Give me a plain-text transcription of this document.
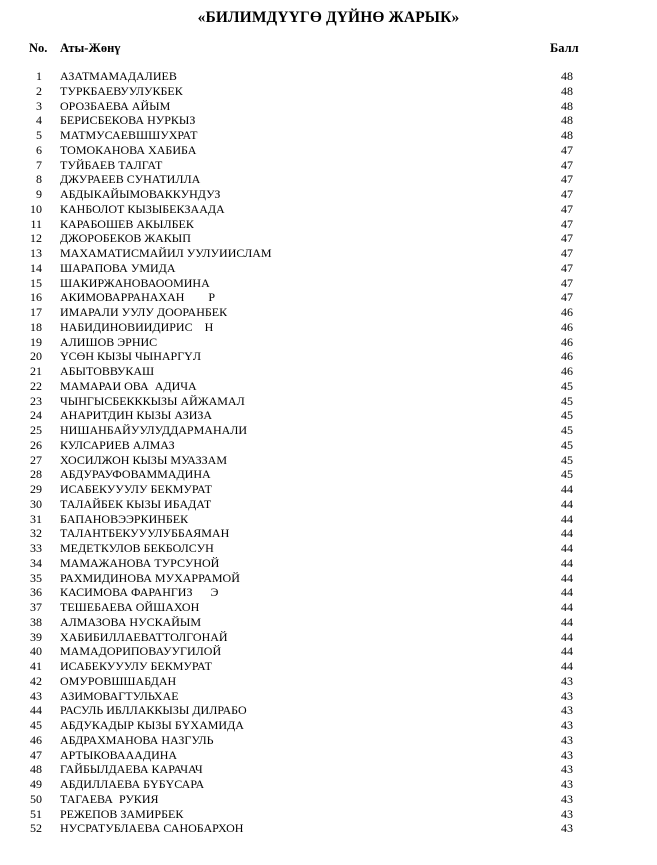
«БИЛИМДҮҮГӨ ДҮЙНӨ ЖАРЫК»
No. Аты-Жөнү	Балл
1 АЗАТМАМАДАЛИЕВ	48
2 ТУРКБАЕВУУЛУКБЕК	48
3 ОРОЗБАЕВА АЙЫМ	48
4 БЕРИСБЕКОВА НУРКЫЗ	48
5 МАТМУСАЕВШШУХРАТ	48
6 ТОМОКАНОВА ХАБИБА	47
7 ТУЙБАЕВ ТАЛГАТ	47
8 ДЖУРАЕЕВ СУНАТИЛЛА	47
9 АБДЫКАЙЫМОВАККУНДУЗ	47
10 КАНБОЛОТ КЫЗЫБЕКЗААДА	47
11 КАРАБОШЕВ АКЫЛБЕК	47
12 ДЖОРОБЕКОВ ЖАКЫП	47
13 МАХАМАТИСМАЙИЛ УУЛУИИСЛАМ	47
14 ШАРАПОВА УМИДА	47
15 ШАКИРЖАНОВАООМИНА	47
16 АКИМОВАРРАНАХАН        Р	47
17 ИМАРАЛИ УУЛУ ДООРАНБЕК	46
18 НАБИДИНОВИИДИРИС    Н	46
19 АЛИШОВ ЭРНИС	46
20 ҮСӨН КЫЗЫ ЧЫНАРГҮЛ	46
21 АБЫТОВВУКАШ	46
22 МАМАРАИ ОВА  АДИЧА	45
23 ЧЫНГЫСБЕКККЫЗЫ АЙЖАМАЛ	45
24 АНАРИТДИН КЫЗЫ АЗИЗА	45
25 НИШАНБАЙУУЛУДДАРМАНАЛИ	45
26 КУЛСАРИЕВ АЛМАЗ	45
27 ХОСИЛЖОН КЫЗЫ МУАЗЗАМ	45
28 АБДУРАУФОВАММАДИНА	45
29 ИСАБЕКУУУЛУ БЕКМУРАТ	44
30 ТАЛАЙБЕК КЫЗЫ ИБАДАТ	44
31 БАПАНОВЭЭРКИНБЕК	44
32 ТАЛАНТБЕКУУУЛУББАЯМАН	44
33 МЕДЕТКУЛОВ БЕКБОЛСУН	44
34 МАМАЖАНОВА ТУРСУНОЙ	44
35 РАХМИДИНОВА МУХАРРАМОЙ	44
36 КАСИМОВА ФАРАНГИЗ      Э	44
37 ТЕШЕБАЕВА ОЙШАХОН	44
38 АЛМАЗОВА НУСКАЙЫМ	44
39 ХАБИБИЛЛАЕВАТТОЛГОНАЙ	44
40 МАМАДОРИПОВАУУГИЛОЙ	44
41 ИСАБЕКУУУЛУ БЕКМУРАТ	44
42 ОМУРОВШШАБДАН	43
43 АЗИМОВАГТУЛЬХАЕ	43
44 РАСУЛЬ ИБЛЛАККЫЗЫ ДИЛРАБО	43
45 АБДУКАДЫР КЫЗЫ БҮХАМИДА	43
46 АБДРАХМАНОВА НАЗГУЛЬ	43
47 АРТЫКОВАААДИНА	43
48 ГАЙБЫЛДАЕВА КАРАЧАЧ	43
49 АБДИЛЛАЕВА БҮБҮСАРА	43
50 ТАГАЕВА  РУКИЯ	43
51 РЕЖЕПОВ ЗАМИРБЕК	43
52 НУСРАТУБЛАЕВА САНОБАРХОН	43
